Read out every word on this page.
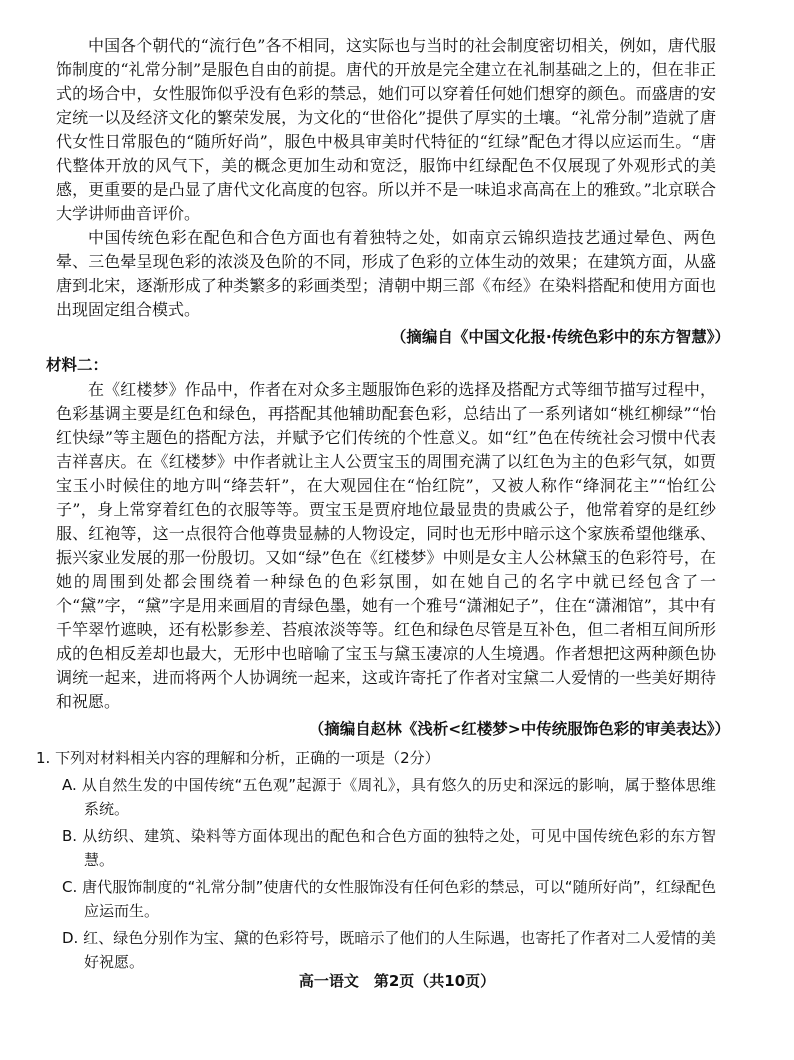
中国各个朝代的“流行色”各不相同，这实际也与当时的社会制度密切相关，例如，唐代服饰制度的“礼常分制”是服色自由的前提。唐代的开放是完全建立在礼制基础之上的，但在非正式的场合中，女性服饰似乎没有色彩的禁忌，她们可以穿着任何她们想穿的颜色。而盛唐的安定统一以及经济文化的繁荣发展，为文化的“世俗化”提供了厚实的土壤。“礼常分制”造就了唐代女性日常服色的“随所好尚”，服色中极具审美时代特征的“红绿”配色才得以应运而生。“唐代整体开放的风气下，美的概念更加生动和宽泛，服饰中红绿配色不仅展现了外观形式的美感，更重要的是凸显了唐代文化高度的包容。所以并不是一味追求高高在上的雅致。”北京联合大学讲师曲音评价。

中国传统色彩在配色和合色方面也有着独特之处，如南京云锦织造技艺通过晕色、两色晕、三色晕呈现色彩的浓淡及色阶的不同，形成了色彩的立体生动的效果；在建筑方面，从盛唐到北宋，逐渐形成了种类繁多的彩画类型；清朝中期三部《布经》在染料搭配和使用方面也出现固定组合模式。

（摘编自《中国文化报·传统色彩中的东方智慧》）
材料二：

在《红楼梦》作品中，作者在对众多主题服饰色彩的选择及搭配方式等细节描写过程中，色彩基调主要是红色和绿色，再搭配其他辅助配套色彩，总结出了一系列诸如“桃红柳绿”“怡红快绿”等主题色的搭配方法，并赋予它们传统的个性意义。如“红”色在传统社会习惯中代表吉祥喜庆。在《红楼梦》中作者就让主人公贾宝玉的周围充满了以红色为主的色彩气氛，如贾宝玉小时候住的地方叫“绛芸轩”，在大观园住在“怡红院”，又被人称作“绛洞花主”“怡红公子”，身上常穿着红色的衣服等等。贾宝玉是贾府地位最显贵的贵戚公子，他常着穿的是红纱服、红袍等，这一点很符合他尊贵显赫的人物设定，同时也无形中暗示这个家族希望他继承、振兴家业发展的那一份殷切。又如“绿”色在《红楼梦》中则是女主人公林黛玉的色彩符号，在她的周围到处都会围绕着一种绿色的色彩氛围，如在她自己的名字中就已经包含了一个“黛”字，“黛”字是用来画眉的青绿色墨，她有一个雅号“潇湘妃子”，住在“潇湘馆”，其中有千竿翠竹遮映，还有松影参差、苔痕浓淡等等。红色和绿色尽管是互补色，但二者相互间所形成的色相反差却也最大，无形中也暗喻了宝玉与黛玉凄凉的人生境遇。作者想把这两种颜色协调统一起来，进而将两个人协调统一起来，这或许寄托了作者对宝黛二人爱情的一些美好期待和祝愿。

（摘编自赵林《浅析<红楼梦>中传统服饰色彩的审美表达》）
1. 下列对材料相关内容的理解和分析，正确的一项是（2分）
A. 从自然生发的中国传统“五色观”起源于《周礼》，具有悠久的历史和深远的影响，属于整体思维系统。
B. 从纺织、建筑、染料等方面体现出的配色和合色方面的独特之处，可见中国传统色彩的东方智慧。
C. 唐代服饰制度的“礼常分制”使唐代的女性服饰没有任何色彩的禁忌，可以“随所好尚”，红绿配色应运而生。
D. 红、绿色分别作为宝、黛的色彩符号，既暗示了他们的人生际遇，也寄托了作者对二人爱情的美好祝愿。
高一语文　第2页（共10页）
